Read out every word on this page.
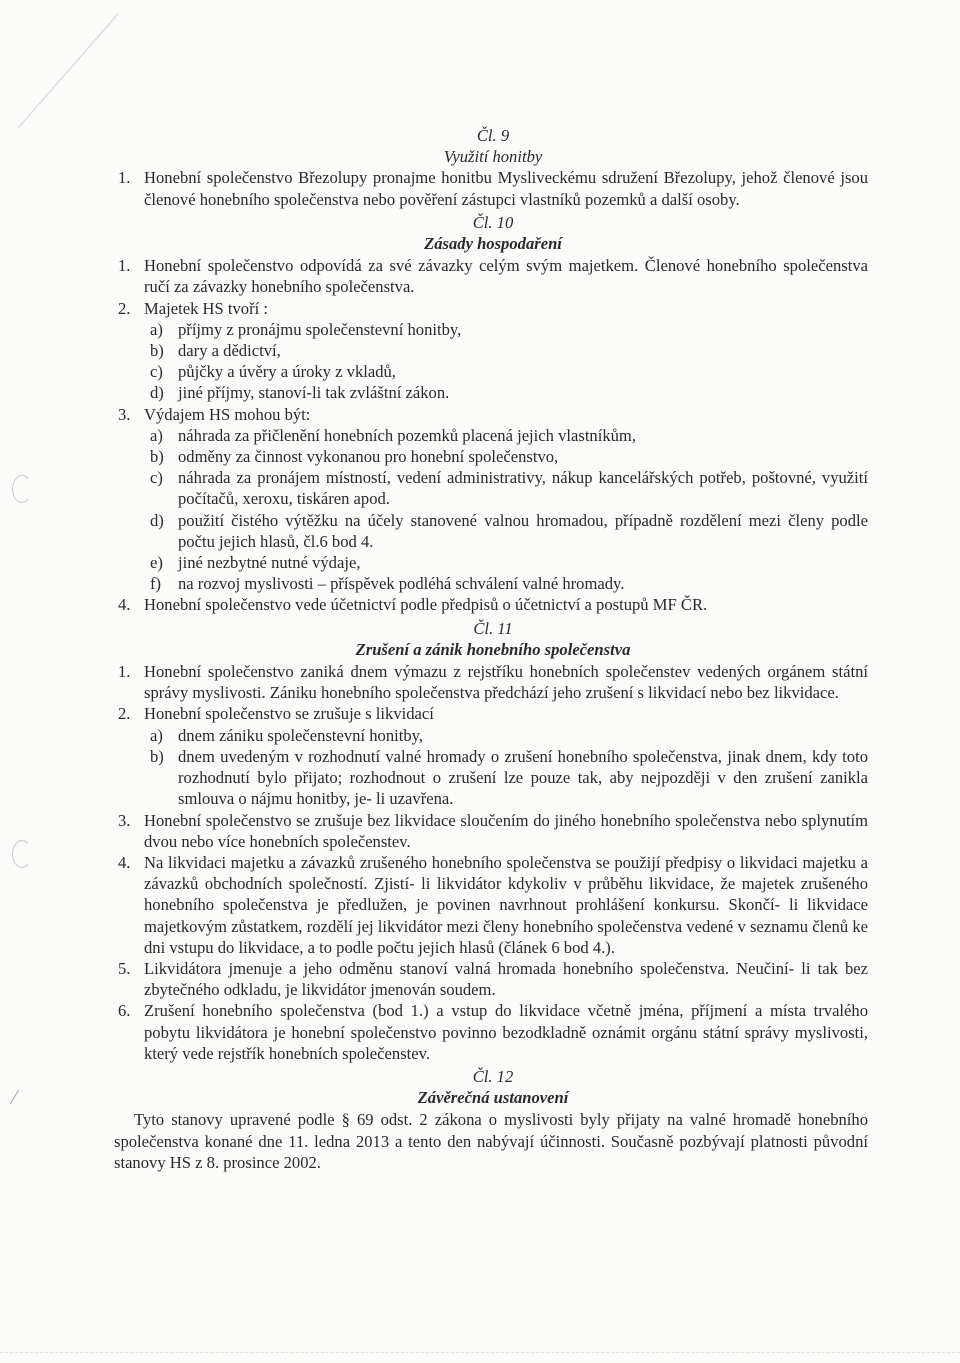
Čl. 9
Využití honitby
1. Honební společenstvo Březolupy pronajme honitbu Mysliveckému sdružení Březolupy, jehož členové jsou členové honebního společenstva nebo pověření zástupci vlastníků pozemků a další osoby.
Čl. 10
Zásady hospodaření
1. Honební společenstvo odpovídá za své závazky celým svým majetkem. Členové honebního společenstva ručí za závazky honebního společenstva.
2. Majetek HS tvoří :
a) příjmy z pronájmu společenstevní honitby,
b) dary a dědictví,
c) půjčky a úvěry a úroky z vkladů,
d) jiné příjmy, stanoví-li tak zvláštní zákon.
3. Výdajem HS mohou být:
a) náhrada za přičlenění honebních pozemků placená jejich vlastníkům,
b) odměny za činnost vykonanou pro honební společenstvo,
c) náhrada za pronájem místností, vedení administrativy, nákup kancelářských potřeb, poštovné, využití počítačů, xeroxu, tiskáren apod.
d) použití čistého výtěžku na účely stanovené valnou hromadou, případně rozdělení mezi členy podle počtu jejich hlasů, čl.6 bod 4.
e) jiné nezbytné nutné výdaje,
f) na rozvoj myslivosti – příspěvek podléhá schválení valné hromady.
4. Honební společenstvo vede účetnictví podle předpisů o účetnictví a postupů MF ČR.
Čl. 11
Zrušení a zánik honebního společenstva
1. Honební společenstvo zaniká dnem výmazu z rejstříku honebních společenstev vedených orgánem státní správy myslivosti. Zániku honebního společenstva předchází jeho zrušení s likvidací nebo bez likvidace.
2. Honební společenstvo se zrušuje s likvidací
a) dnem zániku společenstevní honitby,
b) dnem uvedeným v rozhodnutí valné hromady o zrušení honebního společenstva, jinak dnem, kdy toto rozhodnutí bylo přijato; rozhodnout o zrušení lze pouze tak, aby nejpozději v den zrušení zanikla smlouva o nájmu honitby, je- li uzavřena.
3. Honební společenstvo se zrušuje bez likvidace sloučením do jiného honebního společenstva nebo splynutím dvou nebo více honebních společenstev.
4. Na likvidaci majetku a závazků zrušeného honebního společenstva se použijí předpisy o likvidaci majetku a závazků obchodních společností. Zjistí- li likvidátor kdykoliv v průběhu likvidace, že majetek zrušeného honebního společenstva je předlužen, je povinen navrhnout prohlášení konkursu. Skončí- li likvidace majetkovým zůstatkem, rozdělí jej likvidátor mezi členy honebního společenstva vedené v seznamu členů ke dni vstupu do likvidace, a to podle počtu jejich hlasů (článek 6 bod 4.).
5. Likvidátora jmenuje a jeho odměnu stanoví valná hromada honebního společenstva. Neučiní- li tak bez zbytečného odkladu, je likvidátor jmenován soudem.
6. Zrušení honebního společenstva (bod 1.) a vstup do likvidace včetně jména, příjmení a místa trvalého pobytu likvidátora je honební společenstvo povinno bezodkladně oznámit orgánu státní správy myslivosti, který vede rejstřík honebních společenstev.
Čl. 12
Závěrečná ustanovení
Tyto stanovy upravené podle § 69 odst. 2 zákona o myslivosti byly přijaty na valné hromadě honebního společenstva konané dne 11. ledna 2013 a tento den nabývají účinnosti. Současně pozbývají platnosti původní stanovy HS z 8. prosince 2002.
